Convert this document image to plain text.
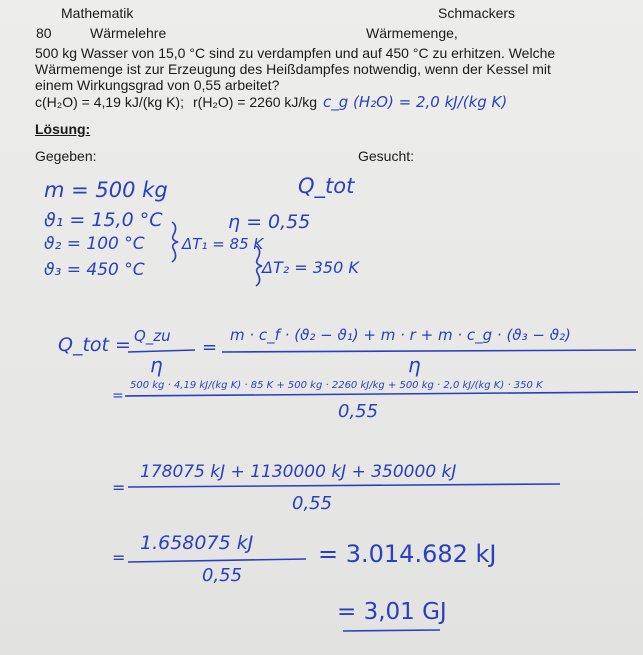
Mathematik	Schmackers
80	Wärmelehre	Wärmemenge,
500 kg Wasser von 15,0 °C sind zu verdampfen und auf 450 °C zu erhitzen. Welche
Wärmemenge ist zur Erzeugung des Heißdampfes notwendig, wenn der Kessel mit
einem Wirkungsgrad von 0,55 arbeitet?
c(H₂O) = 4,19 kJ/(kg K); r(H₂O) = 2260 kJ/kg c_g (H₂O) = 2,0 kJ/(kg K)
Lösung:
Gegeben:	Gesucht:
m = 500 kg	Q_tot
ϑ₁ = 15,0 °C	η = 0,55
ϑ₂ = 100 °C ΔT₁ = 85 K
ϑ₃ = 450 °C	ΔT₂ = 350 K
Q_tot = Q_zu
η
=
m · c_f · (ϑ₂ − ϑ₁) + m · r + m · c_g · (ϑ₃ − ϑ₂)
η
=
500 kg · 4,19 kJ/(kg K) · 85 K + 500 kg · 2260 kJ/kg + 500 kg · 2,0 kJ/(kg K) · 350 K
0,55
=
178075 kJ + 1130000 kJ + 350000 kJ
0,55
=
1.658075 kJ
0,55
= 3.014.682 kJ
= 3,01 GJ
